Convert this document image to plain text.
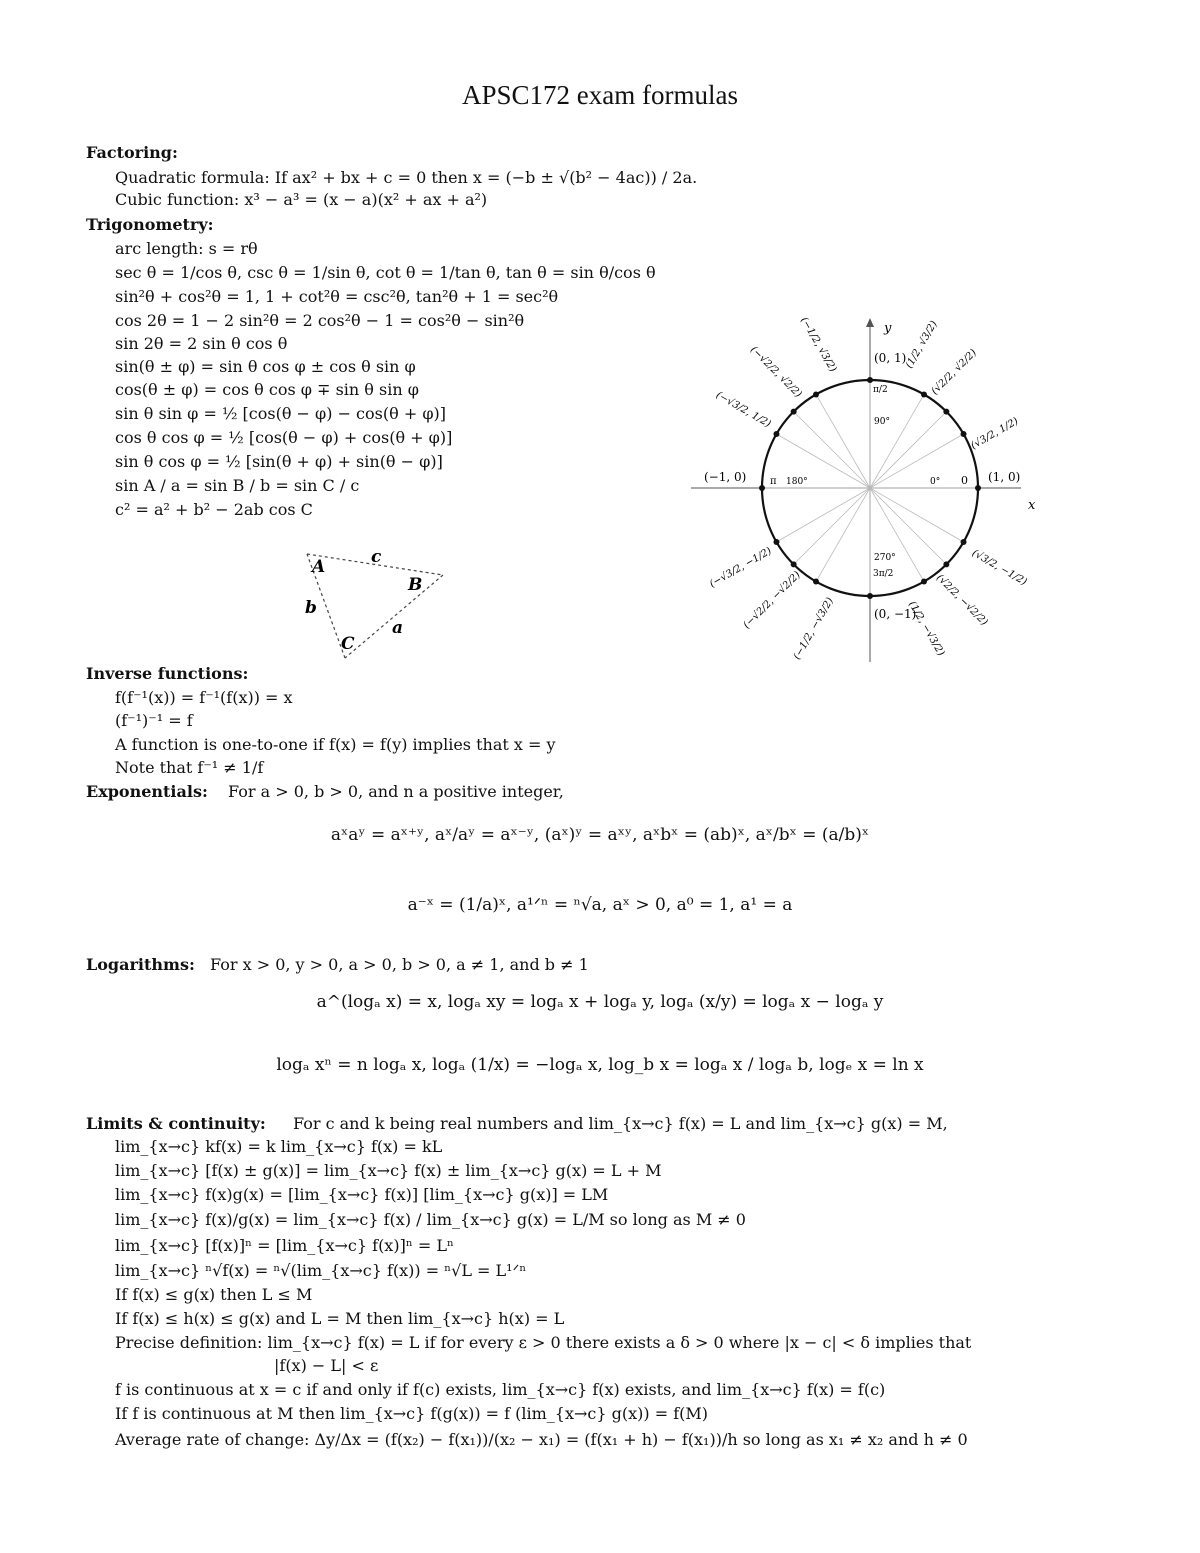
APSC172 exam formulas
Factoring:
Quadratic formula: If ax² + bx + c = 0 then x = (−b ± √(b² − 4ac)) / 2a.
Cubic function: x³ − a³ = (x − a)(x² + ax + a²)
Trigonometry:
arc length: s = rθ
sec θ = 1/cos θ, csc θ = 1/sin θ, cot θ = 1/tan θ, tan θ = sin θ/cos θ
sin²θ + cos²θ = 1, 1 + cot²θ = csc²θ, tan²θ + 1 = sec²θ
cos 2θ = 1 − 2 sin²θ = 2 cos²θ − 1 = cos²θ − sin²θ
sin 2θ = 2 sin θ cos θ
sin(θ ± φ) = sin θ cos φ ± cos θ sin φ
cos(θ ± φ) = cos θ cos φ ∓ sin θ sin φ
sin θ sin φ = ½ [cos(θ − φ) − cos(θ + φ)]
cos θ cos φ = ½ [cos(θ − φ) + cos(θ + φ)]
sin θ cos φ = ½ [sin(θ + φ) + sin(θ − φ)]
sin A / a = sin B / b = sin C / c
c² = a² + b² − 2ab cos C
A
B
C
c
b
a
x
y
(0, 1)
(0, −1)
(−1, 0)	(1, 0)
90°
180°
270°
0°
π/2
π
3π/2
0
(√3/2, 1/2)
(√2/2, √2/2)
(1/2, √3/2)
(−1/2, √3/2)
(−√2/2, √2/2)
(−√3/2, 1/2)
(−√3/2, −1/2)
(−√2/2, −√2/2)
(−1/2, −√3/2)	(1/2, −√3/2)
(√2/2, −√2/2)
(√3/2, −1/2)
Inverse functions:
f(f⁻¹(x)) = f⁻¹(f(x)) = x
(f⁻¹)⁻¹ = f
A function is one-to-one if f(x) = f(y) implies that x = y
Note that f⁻¹ ≠ 1/f
Exponentials: For a > 0, b > 0, and n a positive integer,
aˣaʸ = aˣ⁺ʸ, aˣ/aʸ = aˣ⁻ʸ, (aˣ)ʸ = aˣʸ, aˣbˣ = (ab)ˣ, aˣ/bˣ = (a/b)ˣ
a⁻ˣ = (1/a)ˣ, a¹ᐟⁿ = ⁿ√a, aˣ > 0, a⁰ = 1, a¹ = a
Logarithms: For x > 0, y > 0, a > 0, b > 0, a ≠ 1, and b ≠ 1
a^(logₐ x) = x, logₐ xy = logₐ x + logₐ y, logₐ (x/y) = logₐ x − logₐ y
logₐ xⁿ = n logₐ x, logₐ (1/x) = −logₐ x, log_b x = logₐ x / logₐ b, logₑ x = ln x
Limits & continuity: For c and k being real numbers and lim_{x→c} f(x) = L and lim_{x→c} g(x) = M,
lim_{x→c} kf(x) = k lim_{x→c} f(x) = kL
lim_{x→c} [f(x) ± g(x)] = lim_{x→c} f(x) ± lim_{x→c} g(x) = L + M
lim_{x→c} f(x)g(x) = [lim_{x→c} f(x)] [lim_{x→c} g(x)] = LM
lim_{x→c} f(x)/g(x) = lim_{x→c} f(x) / lim_{x→c} g(x) = L/M so long as M ≠ 0
lim_{x→c} [f(x)]ⁿ = [lim_{x→c} f(x)]ⁿ = Lⁿ
lim_{x→c} ⁿ√f(x) = ⁿ√(lim_{x→c} f(x)) = ⁿ√L = L¹ᐟⁿ
If f(x) ≤ g(x) then L ≤ M
If f(x) ≤ h(x) ≤ g(x) and L = M then lim_{x→c} h(x) = L
Precise definition: lim_{x→c} f(x) = L if for every ε > 0 there exists a δ > 0 where |x − c| < δ implies that
|f(x) − L| < ε
f is continuous at x = c if and only if f(c) exists, lim_{x→c} f(x) exists, and lim_{x→c} f(x) = f(c)
If f is continuous at M then lim_{x→c} f(g(x)) = f (lim_{x→c} g(x)) = f(M)
Average rate of change: Δy/Δx = (f(x₂) − f(x₁))/(x₂ − x₁) = (f(x₁ + h) − f(x₁))/h so long as x₁ ≠ x₂ and h ≠ 0
